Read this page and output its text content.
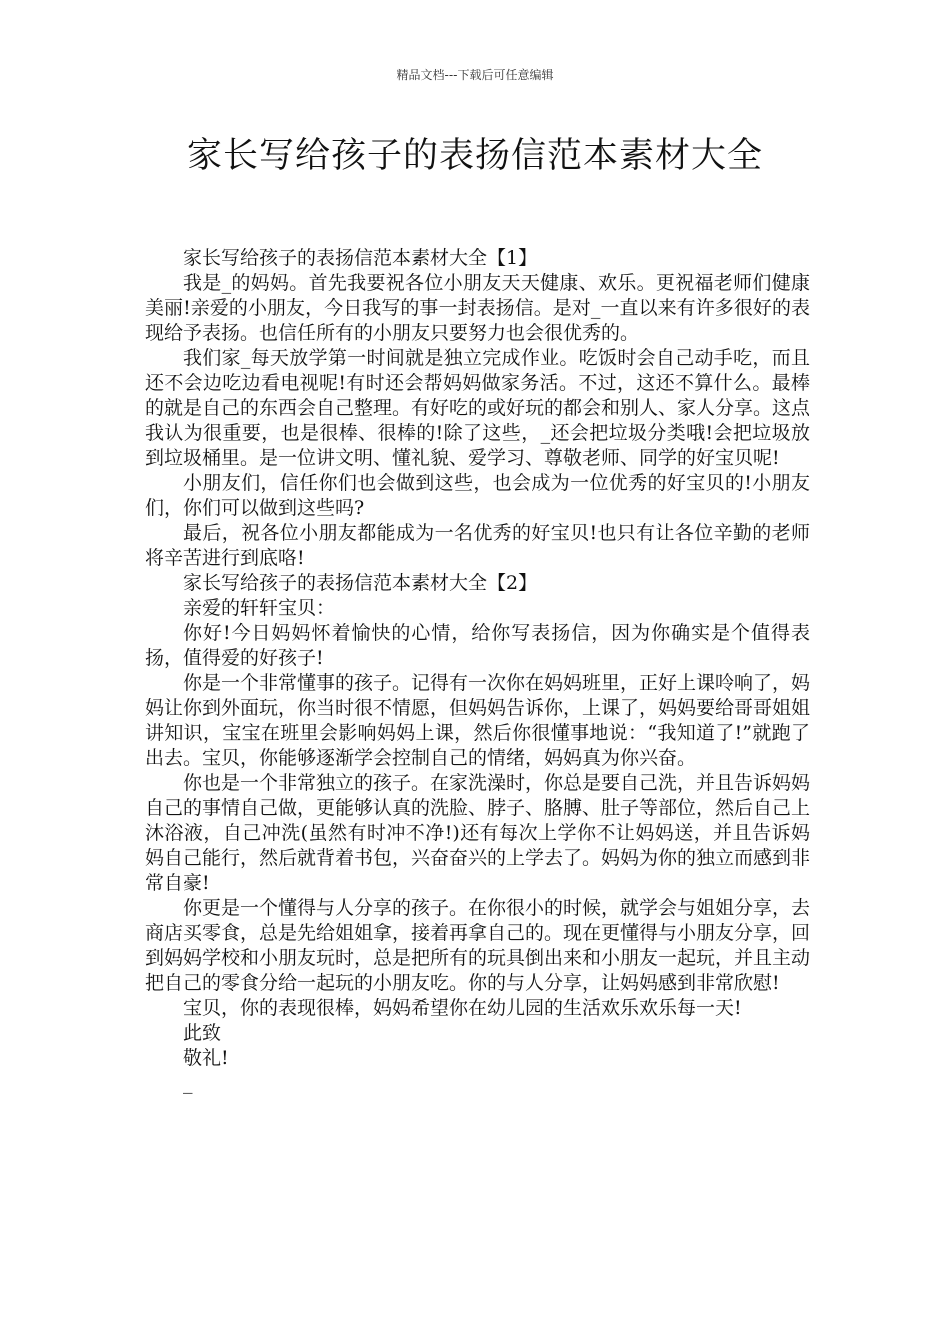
精品文档---下载后可任意编辑
家长写给孩子的表扬信范本素材大全

家长写给孩子的表扬信范本素材大全【1】

我是_的妈妈。首先我要祝各位小朋友天天健康、欢乐。更祝福老师们健康美丽!亲爱的小朋友，今日我写的事一封表扬信。是对_一直以来有许多很好的表现给予表扬。也信任所有的小朋友只要努力也会很优秀的。

我们家_每天放学第一时间就是独立完成作业。吃饭时会自己动手吃，而且还不会边吃边看电视呢!有时还会帮妈妈做家务活。不过，这还不算什么。最棒的就是自己的东西会自己整理。有好吃的或好玩的都会和别人、家人分享。这点我认为很重要，也是很棒、很棒的!除了这些，_还会把垃圾分类哦!会把垃圾放到垃圾桶里。是一位讲文明、懂礼貌、爱学习、尊敬老师、同学的好宝贝呢!

小朋友们，信任你们也会做到这些，也会成为一位优秀的好宝贝的!小朋友们，你们可以做到这些吗?

最后，祝各位小朋友都能成为一名优秀的好宝贝!也只有让各位辛勤的老师将辛苦进行到底咯!

家长写给孩子的表扬信范本素材大全【2】

亲爱的轩轩宝贝：

你好!今日妈妈怀着愉快的心情，给你写表扬信，因为你确实是个值得表扬，值得爱的好孩子!

你是一个非常懂事的孩子。记得有一次你在妈妈班里，正好上课呤响了，妈妈让你到外面玩，你当时很不情愿，但妈妈告诉你，上课了，妈妈要给哥哥姐姐讲知识，宝宝在班里会影响妈妈上课，然后你很懂事地说：“我知道了!”就跑了出去。宝贝，你能够逐渐学会控制自己的情绪，妈妈真为你兴奋。

你也是一个非常独立的孩子。在家洗澡时，你总是要自己洗，并且告诉妈妈自己的事情自己做，更能够认真的洗脸、脖子、胳膊、肚子等部位，然后自己上沐浴液，自己冲洗(虽然有时冲不净!)还有每次上学你不让妈妈送，并且告诉妈妈自己能行，然后就背着书包，兴奋奋兴的上学去了。妈妈为你的独立而感到非常自豪!

你更是一个懂得与人分享的孩子。在你很小的时候，就学会与姐姐分享，去商店买零食，总是先给姐姐拿，接着再拿自己的。现在更懂得与小朋友分享，回到妈妈学校和小朋友玩时，总是把所有的玩具倒出来和小朋友一起玩，并且主动把自己的零食分给一起玩的小朋友吃。你的与人分享，让妈妈感到非常欣慰!

宝贝，你的表现很棒，妈妈希望你在幼儿园的生活欢乐欢乐每一天!

此致

敬礼!

_
